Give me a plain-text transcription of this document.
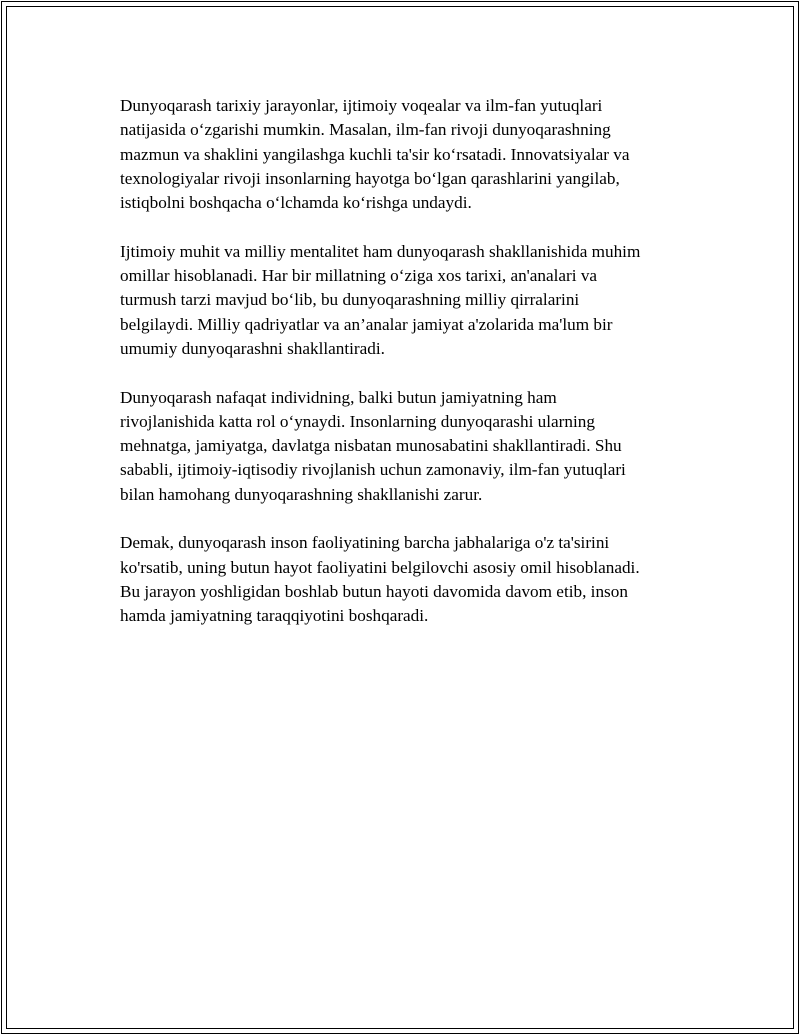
Dunyoqarash tarixiy jarayonlar, ijtimoiy voqealar va ilm-fan yutuqlari
natijasida oʻzgarishi mumkin. Masalan, ilm-fan rivoji dunyoqarashning
mazmun va shaklini yangilashga kuchli ta'sir koʻrsatadi. Innovatsiyalar va
texnologiyalar rivoji insonlarning hayotga boʻlgan qarashlarini yangilab,
istiqbolni boshqacha oʻlchamda koʻrishga undaydi.

Ijtimoiy muhit va milliy mentalitet ham dunyoqarash shakllanishida muhim
omillar hisoblanadi. Har bir millatning oʻziga xos tarixi, an'analari va
turmush tarzi mavjud boʻlib, bu dunyoqarashning milliy qirralarini
belgilaydi. Milliy qadriyatlar va an’analar jamiyat a'zolarida ma'lum bir
umumiy dunyoqarashni shakllantiradi.

Dunyoqarash nafaqat individning, balki butun jamiyatning ham
rivojlanishida katta rol oʻynaydi. Insonlarning dunyoqarashi ularning
mehnatga, jamiyatga, davlatga nisbatan munosabatini shakllantiradi. Shu
sababli, ijtimoiy-iqtisodiy rivojlanish uchun zamonaviy, ilm-fan yutuqlari
bilan hamohang dunyoqarashning shakllanishi zarur.

Demak, dunyoqarash inson faoliyatining barcha jabhalariga o'z ta'sirini
ko'rsatib, uning butun hayot faoliyatini belgilovchi asosiy omil hisoblanadi.
Bu jarayon yoshligidan boshlab butun hayoti davomida davom etib, inson
hamda jamiyatning taraqqiyotini boshqaradi.
